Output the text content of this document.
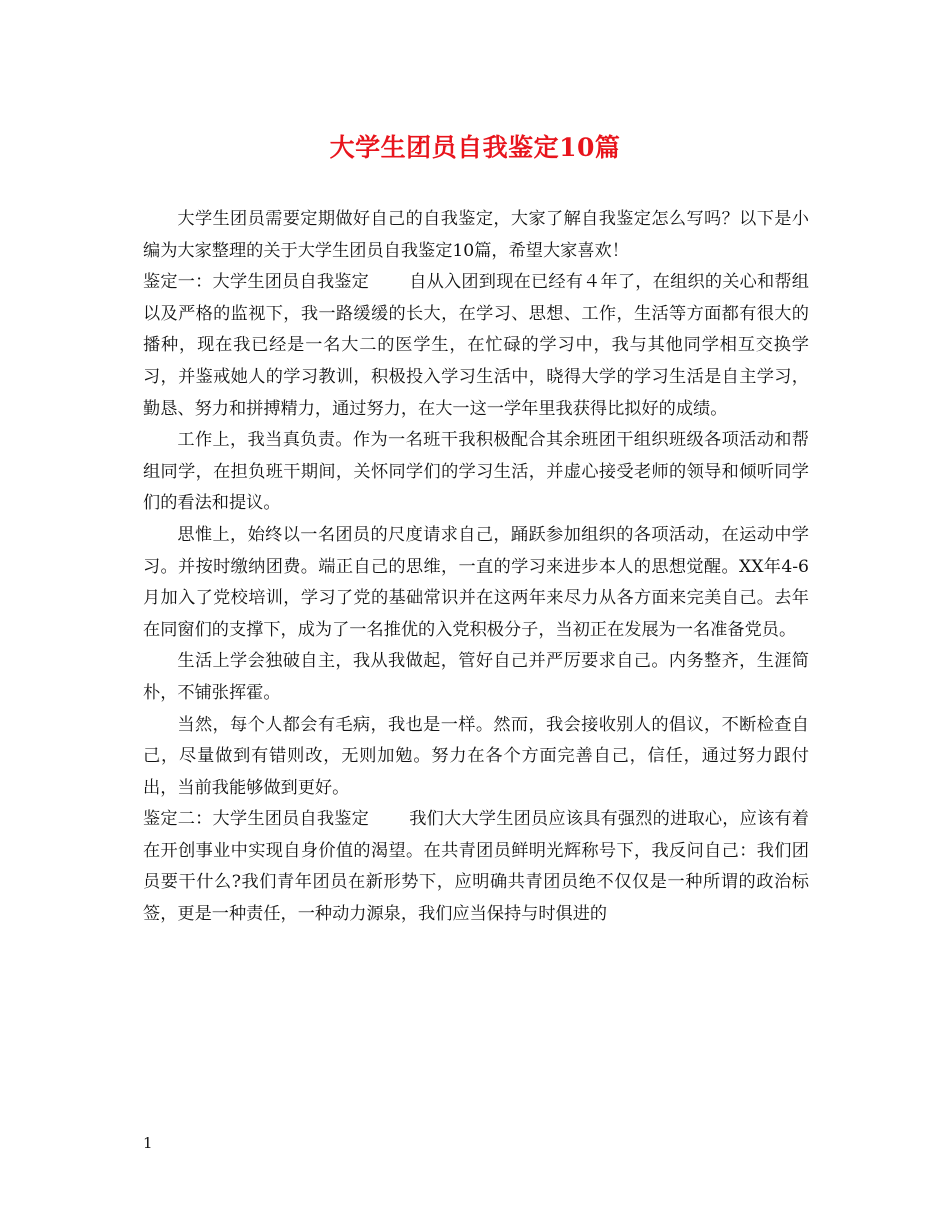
大学生团员自我鉴定10篇

大学生团员需要定期做好自己的自我鉴定，大家了解自我鉴定怎么写吗？以下是小编为大家整理的关于大学生团员自我鉴定10篇，希望大家喜欢！

鉴定一：大学生团员自我鉴定 自从入团到现在已经有４年了，在组织的关心和帮组以及严格的监视下，我一路缓缓的长大，在学习、思想、工作，生活等方面都有很大的播种，现在我已经是一名大二的医学生，在忙碌的学习中，我与其他同学相互交换学习，并鉴戒她人的学习教训，积极投入学习生活中，晓得大学的学习生活是自主学习，勤恳、努力和拼搏精力，通过努力，在大一这一学年里我获得比拟好的成绩。

工作上，我当真负责。作为一名班干我积极配合其余班团干组织班级各项活动和帮组同学，在担负班干期间，关怀同学们的学习生活，并虚心接受老师的领导和倾听同学们的看法和提议。

思惟上，始终以一名团员的尺度请求自己，踊跃参加组织的各项活动，在运动中学习。并按时缴纳团费。端正自己的思维，一直的学习来进步本人的思想觉醒。XX年4-6月加入了党校培训，学习了党的基础常识并在这两年来尽力从各方面来完美自己。去年在同窗们的支撑下，成为了一名推优的入党积极分子，当初正在发展为一名准备党员。

生活上学会独破自主，我从我做起，管好自己并严厉要求自己。内务整齐，生涯简朴，不铺张挥霍。

当然，每个人都会有毛病，我也是一样。然而，我会接收别人的倡议，不断检查自己，尽量做到有错则改，无则加勉。努力在各个方面完善自己，信任，通过努力跟付出，当前我能够做到更好。

鉴定二：大学生团员自我鉴定 我们大大学生团员应该具有强烈的进取心，应该有着在开创事业中实现自身价值的渴望。在共青团员鲜明光辉称号下，我反问自己：我们团员要干什么?我们青年团员在新形势下，应明确共青团员绝不仅仅是一种所谓的政治标签，更是一种责任，一种动力源泉，我们应当保持与时俱进的

1
